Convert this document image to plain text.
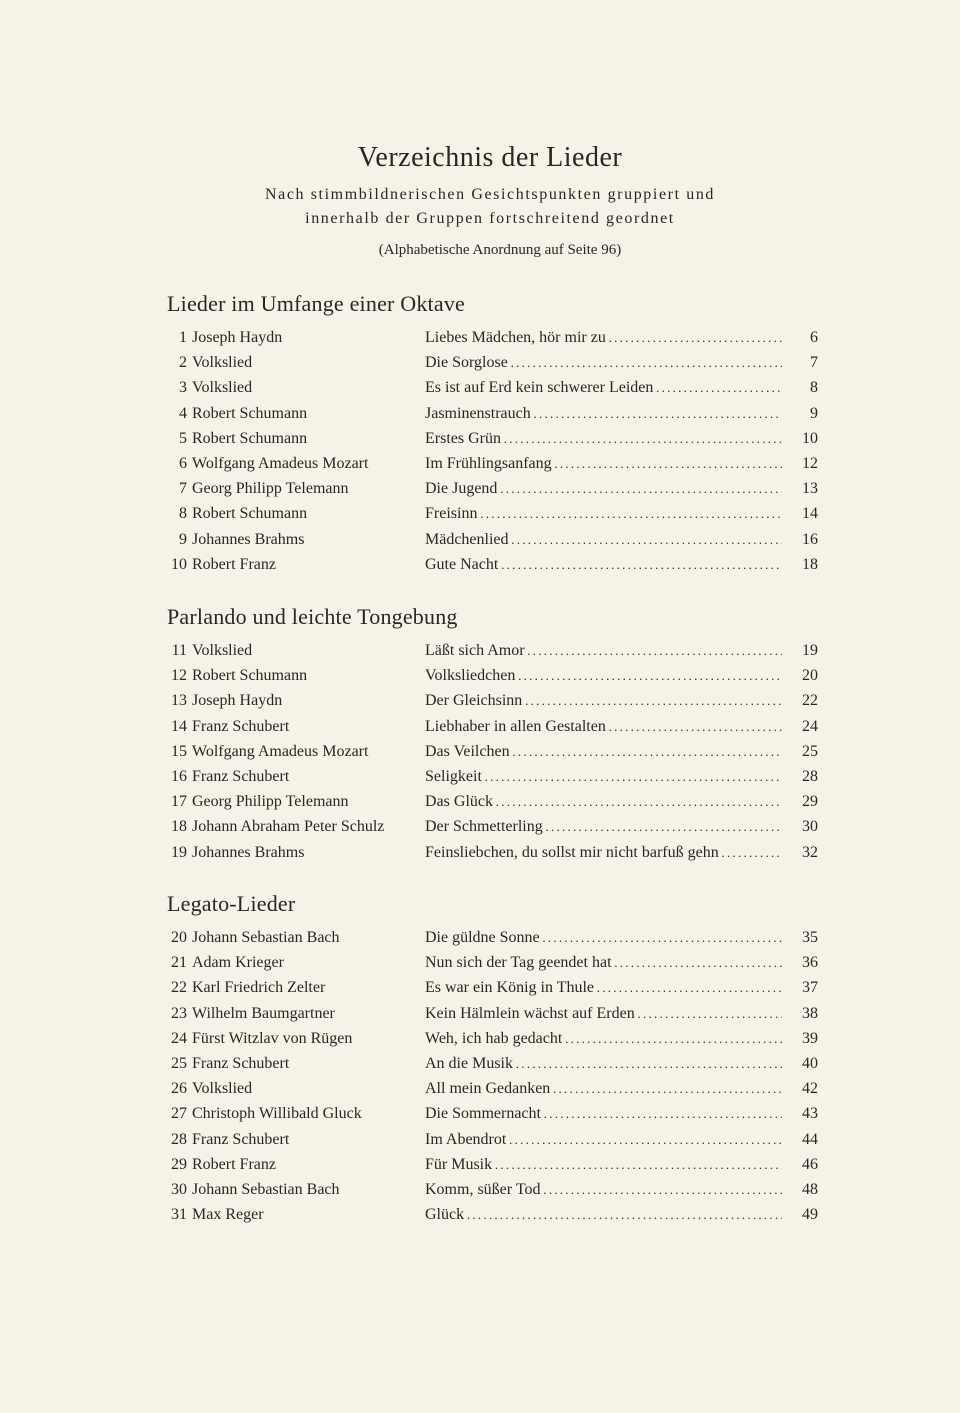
Verzeichnis der Lieder

Nach stimmbildnerischen Gesichtspunkten gruppiert und

innerhalb der Gruppen fortschreitend geordnet

(Alphabetische Anordnung auf Seite 96)

Lieder im Umfange einer Oktave
1 Joseph Haydn	Liebes Mädchen, hör mir zu . . .	6
2 Volkslied	Die Sorglose . . .	7
3 Volkslied	Es ist auf Erd kein schwerer Leiden . . .	8
4 Robert Schumann	Jasminenstrauch . . .	9
5 Robert Schumann	Erstes Grün . . .	10
6 Wolfgang Amadeus Mozart	Im Frühlingsanfang . . .	12
7 Georg Philipp Telemann	Die Jugend . . .	13
8 Robert Schumann	Freisinn . . .	14
9 Johannes Brahms	Mädchenlied . . .	16
10 Robert Franz	Gute Nacht . . .	18
Parlando und leichte Tongebung
11 Volkslied	Läßt sich Amor . . .	19
12 Robert Schumann	Volksliedchen . . .	20
13 Joseph Haydn	Der Gleichsinn . . .	22
14 Franz Schubert	Liebhaber in allen Gestalten . . .	24
15 Wolfgang Amadeus Mozart	Das Veilchen . . .	25
16 Franz Schubert	Seligkeit . . .	28
17 Georg Philipp Telemann	Das Glück . . .	29
18 Johann Abraham Peter Schulz	Der Schmetterling . . .	30
19 Johannes Brahms	Feinsliebchen, du sollst mir nicht barfuß gehn . . .	32
Legato-Lieder
20 Johann Sebastian Bach	Die güldne Sonne . . .	35
21 Adam Krieger	Nun sich der Tag geendet hat . . .	36
22 Karl Friedrich Zelter	Es war ein König in Thule . . .	37
23 Wilhelm Baumgartner	Kein Hälmlein wächst auf Erden . . .	38
24 Fürst Witzlav von Rügen	Weh, ich hab gedacht . . .	39
25 Franz Schubert	An die Musik . . .	40
26 Volkslied	All mein Gedanken . . .	42
27 Christoph Willibald Gluck	Die Sommernacht . . .	43
28 Franz Schubert	Im Abendrot . . .	44
29 Robert Franz	Für Musik . . .	46
30 Johann Sebastian Bach	Komm, süßer Tod . . .	48
31 Max Reger	Glück . . .	49
